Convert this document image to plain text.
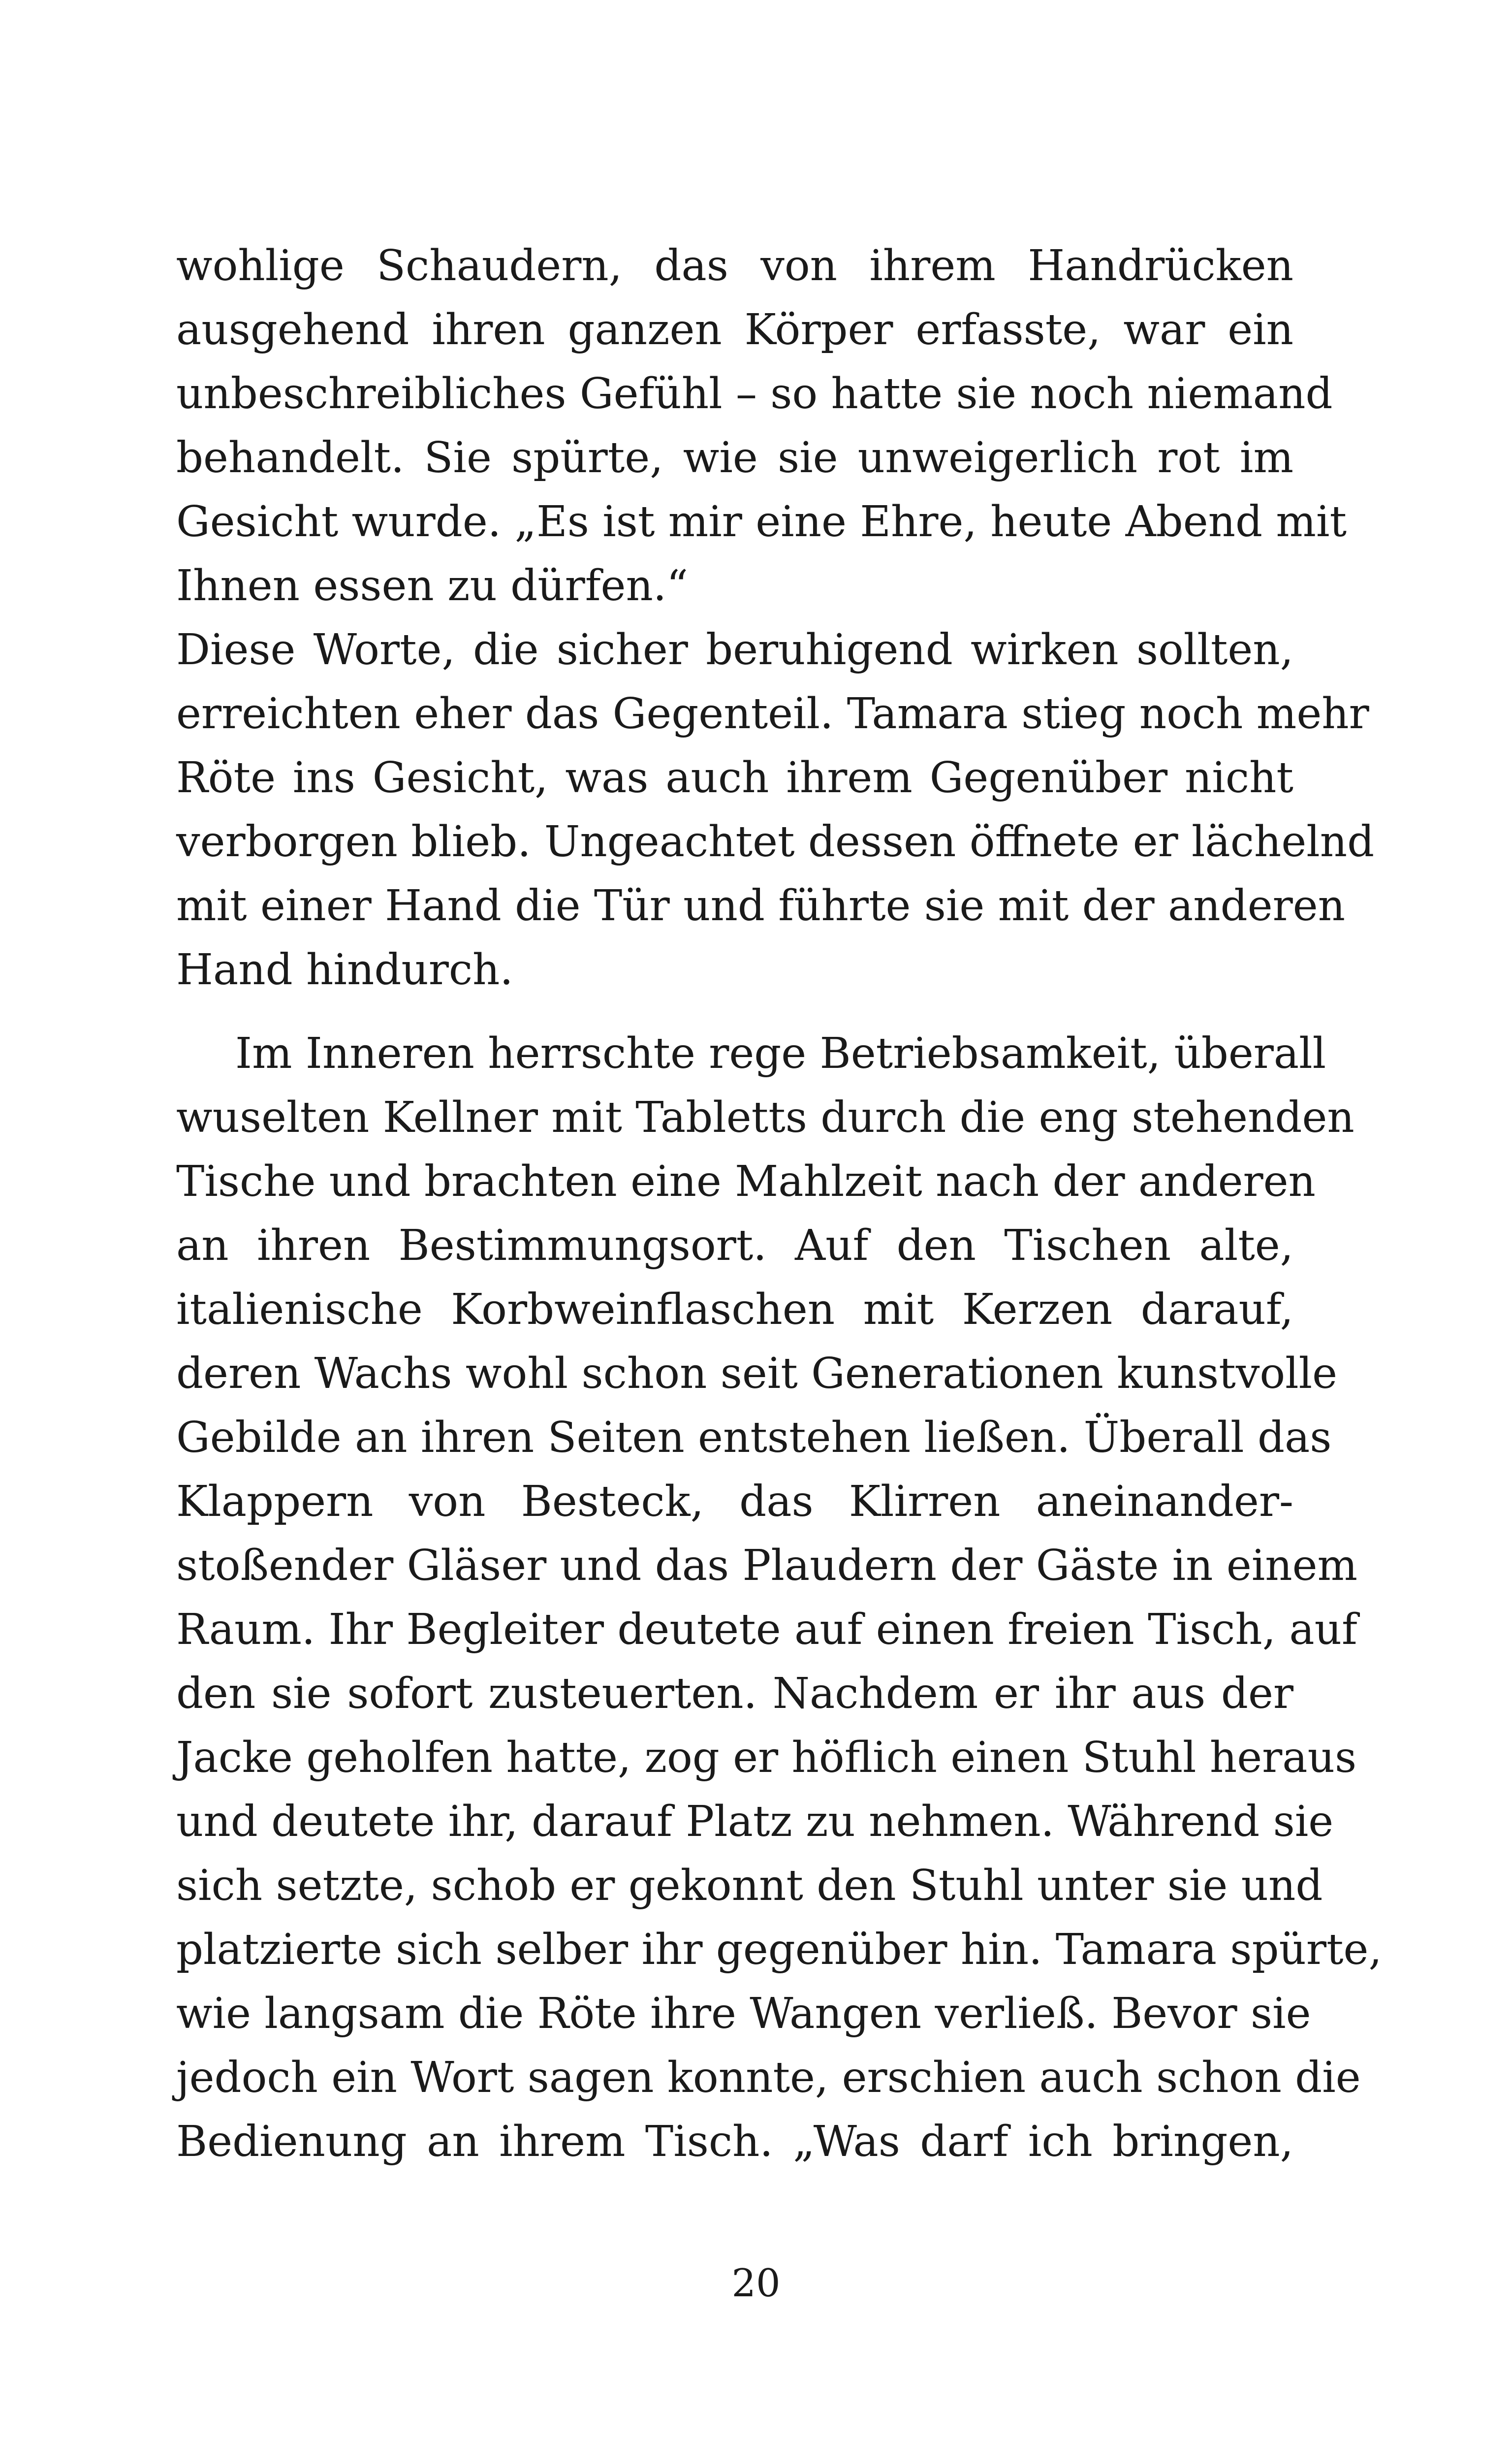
wohlige Schaudern, das von ihrem Handrücken
ausgehend ihren ganzen Körper erfasste, war ein
unbeschreibliches Gefühl – so hatte sie noch niemand
behandelt. Sie spürte, wie sie unweigerlich rot im
Gesicht wurde. „Es ist mir eine Ehre, heute Abend mit
Ihnen essen zu dürfen.“

Diese Worte, die sicher beruhigend wirken sollten,
erreichten eher das Gegenteil. Tamara stieg noch mehr
Röte ins Gesicht, was auch ihrem Gegenüber nicht
verborgen blieb. Ungeachtet dessen öffnete er lächelnd
mit einer Hand die Tür und führte sie mit der anderen
Hand hindurch.

Im Inneren herrschte rege Betriebsamkeit, überall
wuselten Kellner mit Tabletts durch die eng stehenden
Tische und brachten eine Mahlzeit nach der anderen
an ihren Bestimmungsort. Auf den Tischen alte,
italienische Korbweinflaschen mit Kerzen darauf,
deren Wachs wohl schon seit Generationen kunstvolle
Gebilde an ihren Seiten entstehen ließen. Überall das
Klappern von Besteck, das Klirren aneinander-
stoßender Gläser und das Plaudern der Gäste in einem
Raum. Ihr Begleiter deutete auf einen freien Tisch, auf
den sie sofort zusteuerten. Nachdem er ihr aus der
Jacke geholfen hatte, zog er höflich einen Stuhl heraus
und deutete ihr, darauf Platz zu nehmen. Während sie
sich setzte, schob er gekonnt den Stuhl unter sie und
platzierte sich selber ihr gegenüber hin. Tamara spürte,
wie langsam die Röte ihre Wangen verließ. Bevor sie
jedoch ein Wort sagen konnte, erschien auch schon die
Bedienung an ihrem Tisch. „Was darf ich bringen,

20
